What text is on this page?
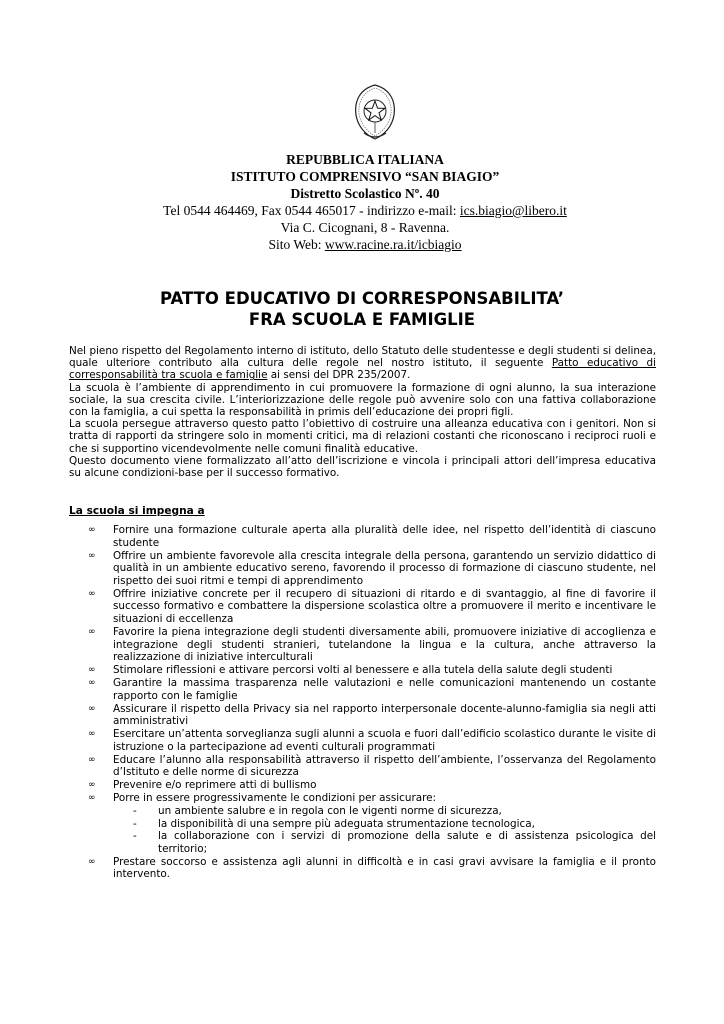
REPUBBLICA ITALIANA
ISTITUTO COMPRENSIVO “SAN BIAGIO”
Distretto Scolastico Nº. 40
Tel 0544 464469, Fax 0544 465017 - indirizzo e-mail: ics.biagio@libero.it
Via C. Cicognani, 8 - Ravenna.
Sito Web: www.racine.ra.it/icbiagio
PATTO EDUCATIVO DI CORRESPONSABILITA’
FRA SCUOLA E FAMIGLIE

Nel pieno rispetto del Regolamento interno di istituto, dello Statuto delle studentesse e degli studenti si delinea, quale ulteriore contributo alla cultura delle regole nel nostro istituto, il seguente Patto educativo di corresponsabilità tra scuola e famiglie ai sensi del DPR 235/2007.

La scuola è l’ambiente di apprendimento in cui promuovere la formazione di ogni alunno, la sua interazione sociale, la sua crescita civile. L’interiorizzazione delle regole può avvenire solo con una fattiva collaborazione con la famiglia, a cui spetta la responsabilità in primis dell’educazione dei propri figli.

La scuola persegue attraverso questo patto l’obiettivo di costruire una alleanza educativa con i genitori. Non si tratta di rapporti da stringere solo in momenti critici, ma di relazioni costanti che riconoscano i reciproci ruoli e che si supportino vicendevolmente nelle comuni finalità educative.

Questo documento viene formalizzato all’atto dell’iscrizione e vincola i principali attori dell’impresa educativa su alcune condizioni-base per il successo formativo.

La scuola si impegna a
∞ Fornire una formazione culturale aperta alla pluralità delle idee, nel rispetto dell’identità di ciascuno studente
∞ Offrire un ambiente favorevole alla crescita integrale della persona, garantendo un servizio didattico di qualità in un ambiente educativo sereno, favorendo il processo di formazione di ciascuno studente, nel rispetto dei suoi ritmi e tempi di apprendimento
∞ Offrire iniziative concrete per il recupero di situazioni di ritardo e di svantaggio, al fine di favorire il successo formativo e combattere la dispersione scolastica oltre a promuovere il merito e incentivare le situazioni di eccellenza
∞ Favorire la piena integrazione degli studenti diversamente abili, promuovere iniziative di accoglienza e integrazione degli studenti stranieri, tutelandone la lingua e la cultura, anche attraverso la realizzazione di iniziative interculturali
∞ Stimolare riflessioni e attivare percorsi volti al benessere e alla tutela della salute degli studenti
∞ Garantire la massima trasparenza nelle valutazioni e nelle comunicazioni mantenendo un costante rapporto con le famiglie
∞ Assicurare il rispetto della Privacy sia nel rapporto interpersonale docente-alunno-famiglia sia negli atti amministrativi
∞ Esercitare un’attenta sorveglianza sugli alunni a scuola e fuori dall’edificio scolastico durante le visite di istruzione o la partecipazione ad eventi culturali programmati
∞ Educare l’alunno alla responsabilità attraverso il rispetto dell’ambiente, l’osservanza del Regolamento d’Istituto e delle norme di sicurezza
∞ Prevenire e/o reprimere atti di bullismo
∞ Porre in essere progressivamente le condizioni per assicurare:
- un ambiente salubre e in regola con le vigenti norme di sicurezza,
- la disponibilità di una sempre più adeguata strumentazione tecnologica,
- la collaborazione con i servizi di promozione della salute e di assistenza psicologica del territorio;
∞ Prestare soccorso e assistenza agli alunni in difficoltà e in casi gravi avvisare la famiglia e il pronto intervento.
